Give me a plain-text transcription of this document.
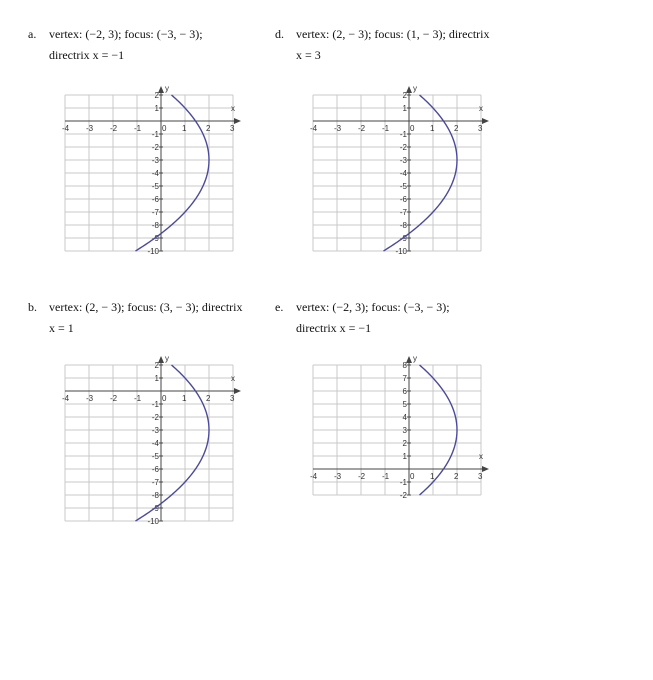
a. vertex: (−2, 3); focus: (−3, − 3);
directrix x = −1
x
y
-4 -3 -2 -1	0 1 2 3
2
1
-1
-2
-3
-4
-5
-6
-7
-8
-9
-10
d. vertex: (2, − 3); focus: (1, − 3); directrix
x = 3
x
y
-4 -3 -2 -1	0 1 2 3
2
1
-1
-2
-3
-4
-5
-6
-7
-8
-9
-10
b. vertex: (2, − 3); focus: (3, − 3); directrix
x = 1
x
y
-4 -3 -2 -1	0 1 2 3
2
1
-1
-2
-3
-4
-5
-6
-7
-8
-9
-10
e. vertex: (−2, 3); focus: (−3, − 3);
directrix x = −1
x
y
-4 -3 -2 -1	0 1 2 3
8
7
6
5
4
3
2
1
-1
-2
